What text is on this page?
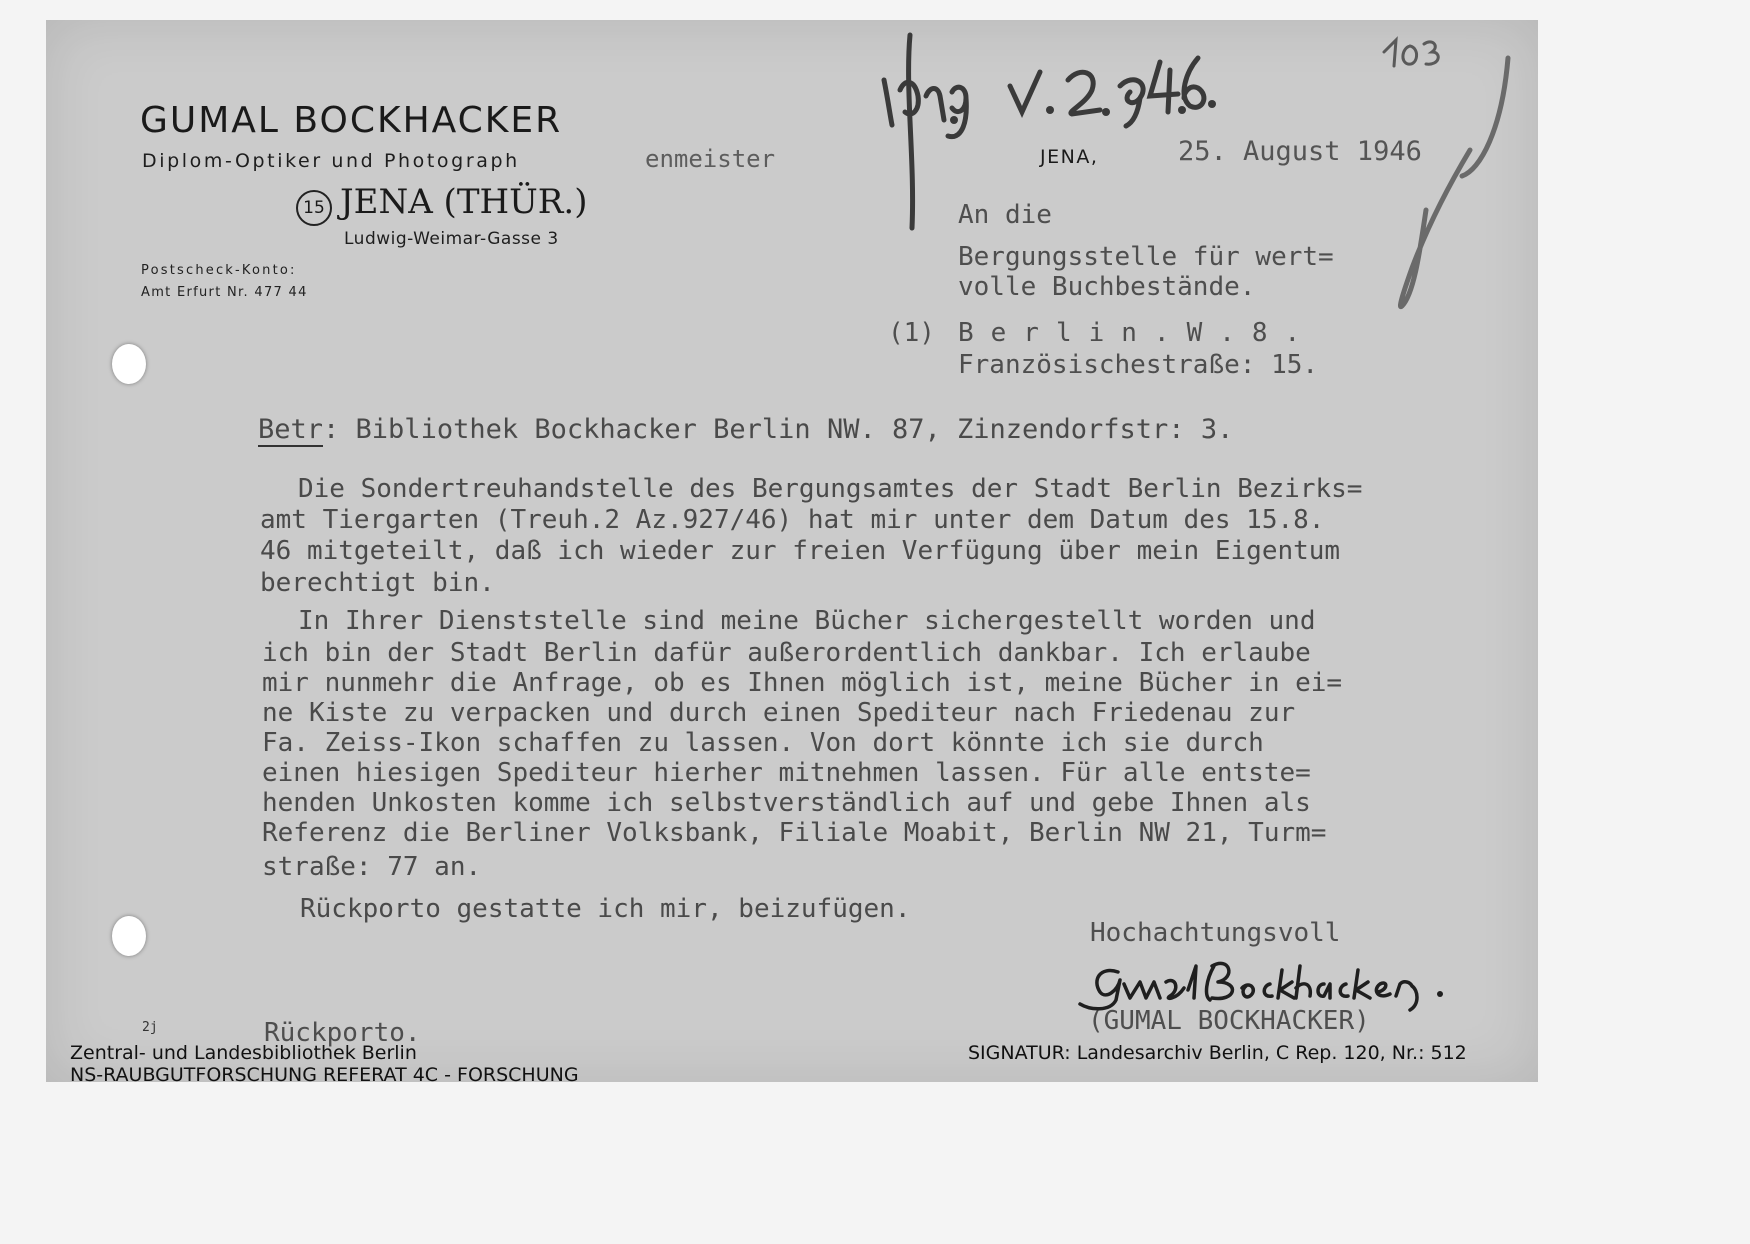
GUMAL BOCKHACKER
Diplom-Optiker und Photograph	enmeister
15 JENA (THÜR.)
Ludwig-Weimar-Gasse 3
Postscheck-Konto:
Amt Erfurt Nr. 477 44
JENA,	25. August 1946
An die
Bergungsstelle für wert=
volle Buchbestände.
(1) Berlin.W.8.
Französischestraße: 15.
Betr: Bibliothek Bockhacker Berlin NW. 87, Zinzendorfstr: 3.
Die Sondertreuhandstelle des Bergungsamtes der Stadt Berlin Bezirks=
amt Tiergarten (Treuh.2 Az.927/46) hat mir unter dem Datum des 15.8.
46 mitgeteilt, daß ich wieder zur freien Verfügung über mein Eigentum
berechtigt bin.
In Ihrer Dienststelle sind meine Bücher sichergestellt worden und
ich bin der Stadt Berlin dafür außerordentlich dankbar. Ich erlaube
mir nunmehr die Anfrage, ob es Ihnen möglich ist, meine Bücher in ei=
ne Kiste zu verpacken und durch einen Spediteur nach Friedenau zur
Fa. Zeiss-Ikon schaffen zu lassen. Von dort könnte ich sie durch
einen hiesigen Spediteur hierher mitnehmen lassen. Für alle entste=
henden Unkosten komme ich selbstverständlich auf und gebe Ihnen als
Referenz die Berliner Volksbank, Filiale Moabit, Berlin NW 21, Turm=
straße: 77 an.
Rückporto gestatte ich mir, beizufügen.
Hochachtungsvoll
(GUMAL BOCKHACKER)
Rückporto.
2j
Zentral- und Landesbibliothek Berlin
NS-RAUBGUTFORSCHUNG REFERAT 4C - FORSCHUNG
SIGNATUR: Landesarchiv Berlin, C Rep. 120, Nr.: 512
